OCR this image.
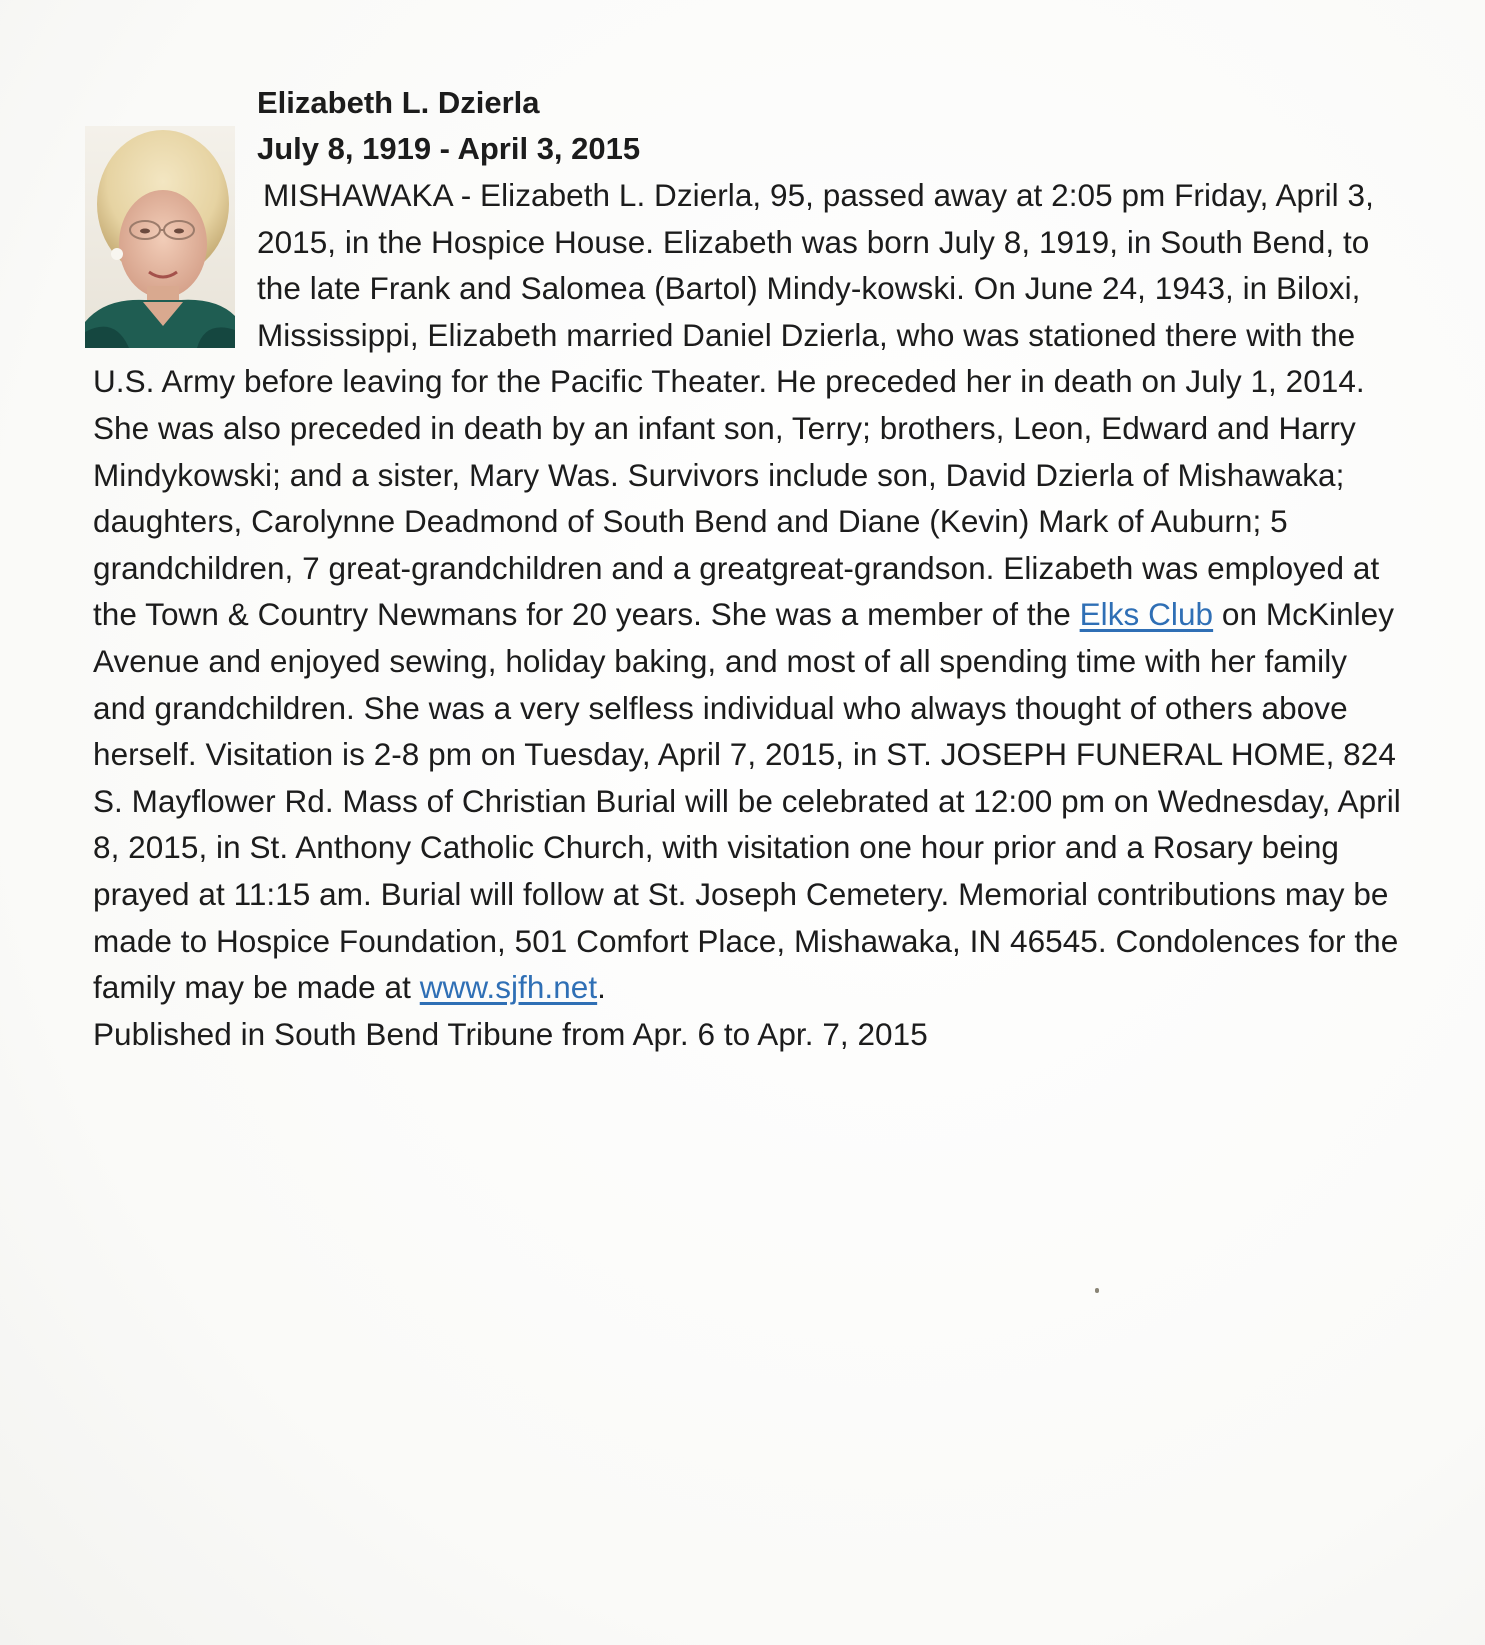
Elizabeth L. Dzierla
July 8, 1919 - April 3, 2015

MISHAWAKA - Elizabeth L. Dzierla, 95, passed away at 2:05 pm Friday, April 3, 2015, in the Hospice House. Elizabeth was born July 8, 1919, in South Bend, to the late Frank and Salomea (Bartol) Mindy-kowski. On June 24, 1943, in Biloxi, Mississippi, Elizabeth married Daniel Dzierla, who was stationed there with the U.S. Army before leaving for the Pacific Theater. He preceded her in death on July 1, 2014. She was also preceded in death by an infant son, Terry; brothers, Leon, Edward and Harry Mindykowski; and a sister, Mary Was. Survivors include son, David Dzierla of Mishawaka; daughters, Carolynne Deadmond of South Bend and Diane (Kevin) Mark of Auburn; 5 grandchildren, 7 great-grandchildren and a greatgreat-grandson. Elizabeth was employed at the Town & Country Newmans for 20 years. She was a member of the Elks Club on McKinley Avenue and enjoyed sewing, holiday baking, and most of all spending time with her family and grandchildren. She was a very selfless individual who always thought of others above herself. Visitation is 2-8 pm on Tuesday, April 7, 2015, in ST. JOSEPH FUNERAL HOME, 824 S. Mayflower Rd. Mass of Christian Burial will be celebrated at 12:00 pm on Wednesday, April 8, 2015, in St. Anthony Catholic Church, with visitation one hour prior and a Rosary being prayed at 11:15 am. Burial will follow at St. Joseph Cemetery. Memorial contributions may be made to Hospice Foundation, 501 Comfort Place, Mishawaka, IN 46545. Condolences for the family may be made at www.sjfh.net.
Published in South Bend Tribune from Apr. 6 to Apr. 7, 2015
